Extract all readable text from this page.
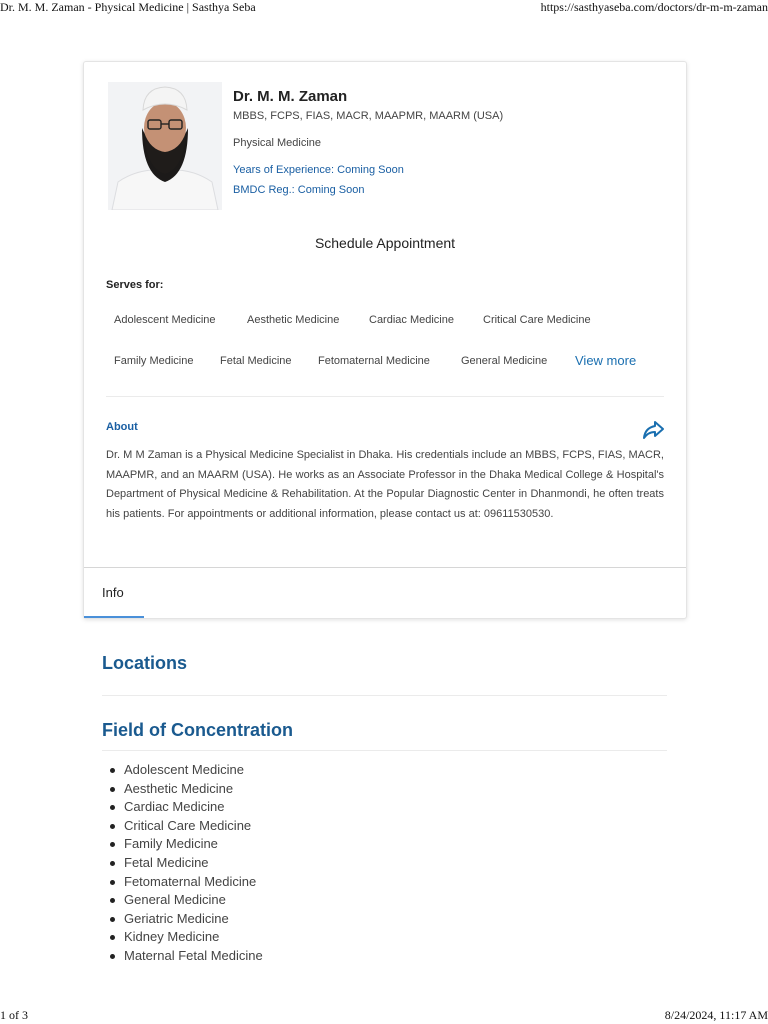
Dr. M. M. Zaman - Physical Medicine | Sasthya Seba	https://sasthyaseba.com/doctors/dr-m-m-zaman
Dr. M. M. Zaman
MBBS, FCPS, FIAS, MACR, MAAPMR, MAARM (USA)
Physical Medicine
Years of Experience: Coming Soon
BMDC Reg.: Coming Soon
Schedule Appointment
Serves for:
Adolescent Medicine	Aesthetic Medicine	Cardiac Medicine	Critical Care Medicine
Family Medicine Fetal Medicine Fetomaternal Medicine	General Medicine View more
About
Dr. M M Zaman is a Physical Medicine Specialist in Dhaka. His credentials include an MBBS, FCPS, FIAS, MACR, MAAPMR, and an MAARM (USA). He works as an Associate Professor in the Dhaka Medical College & Hospital's Department of Physical Medicine & Rehabilitation. At the Popular Diagnostic Center in Dhanmondi, he often treats his patients. For appointments or additional information, please contact us at: 09611530530.
Info
Locations
Field of Concentration
Adolescent Medicine
Aesthetic Medicine
Cardiac Medicine
Critical Care Medicine
Family Medicine
Fetal Medicine
Fetomaternal Medicine
General Medicine
Geriatric Medicine
Kidney Medicine
Maternal Fetal Medicine
1 of 3	8/24/2024, 11:17 AM
